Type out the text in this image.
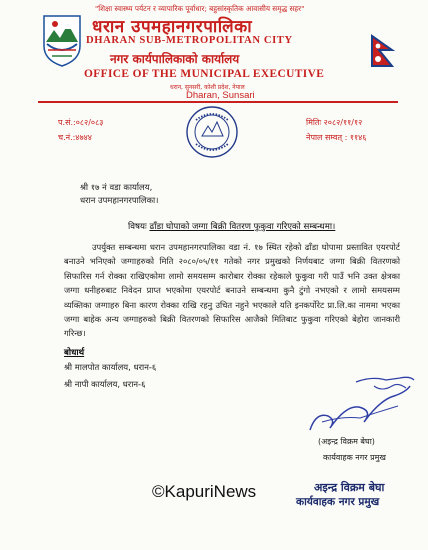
"शिक्षा स्वास्थ्य पर्यटन र व्यापारिक पूर्वाधार; बहुसांस्कृतिक आवासीय समृद्ध सहर"
धरान उपमहानगरपालिका
DHARAN SUB-METROPOLITAN CITY
नगर कार्यपालिकाको कार्यालय
OFFICE OF THE MUNICIPAL EXECUTIVE
धरान, सुनसरी, कोशी प्रदेश, नेपाल
Dharan, Sunsari
प.सं.:०८२/०८३
च.नं.:४७४४
मितिः २०८२/११/१२
नेपाल सम्वत् : ११४६
श्री १७ नं वडा कार्यालय,
धरान उपमहानगरपालिका।
विषयः ढाँडा घोपाको जग्गा बिक्री वितरण फुकुवा गरिएको सम्बन्धमा।

उपर्युक्त सम्बन्धमा धरान उपमहानगरपालिका वडा नं. १७ स्थित रहेको ढाँडा घोपामा प्रस्तावित एयरपोर्ट बनाउने भनिएको जग्गाहरुको मिति २०८०/०५/११ गतेको नगर प्रमुखको निर्णयबाट जग्गा बिक्री वितरणको सिफारिस गर्न रोक्का राखिएकोमा लामो समयसम्म कारोबार रोक्का रहेकाले फुकुवा गरी पाउँ भनि उक्त क्षेत्रका जग्गा धनीहरुबाट निवेदन प्राप्त भएकोमा एयरपोर्ट बनाउने सम्बन्धमा कुनै टुंगो नभएको र लामो समयसम्म व्यक्तिका जग्गाहरु बिना कारण रोक्का राखि रहनु उचित नहुने भएकाले यति इनकर्पोरेट प्रा.लि.का नाममा भएका जग्गा बाहेक अन्य जग्गाहरुको बिक्री वितरणको सिफारिस आजैको मितिबाट फुकुवा गरिएको बेहोरा जानकारी गरिन्छ।

बोधार्थ
श्री मालपोत कार्यालय, धरान-६
श्री नापी कार्यालय, धरान-६
(अइन्द्र विक्रम बेघा)
कार्यवाहक नगर प्रमुख
अइन्द्र विक्रम बेघा
कार्यवाहक नगर प्रमुख
©KapuriNews
